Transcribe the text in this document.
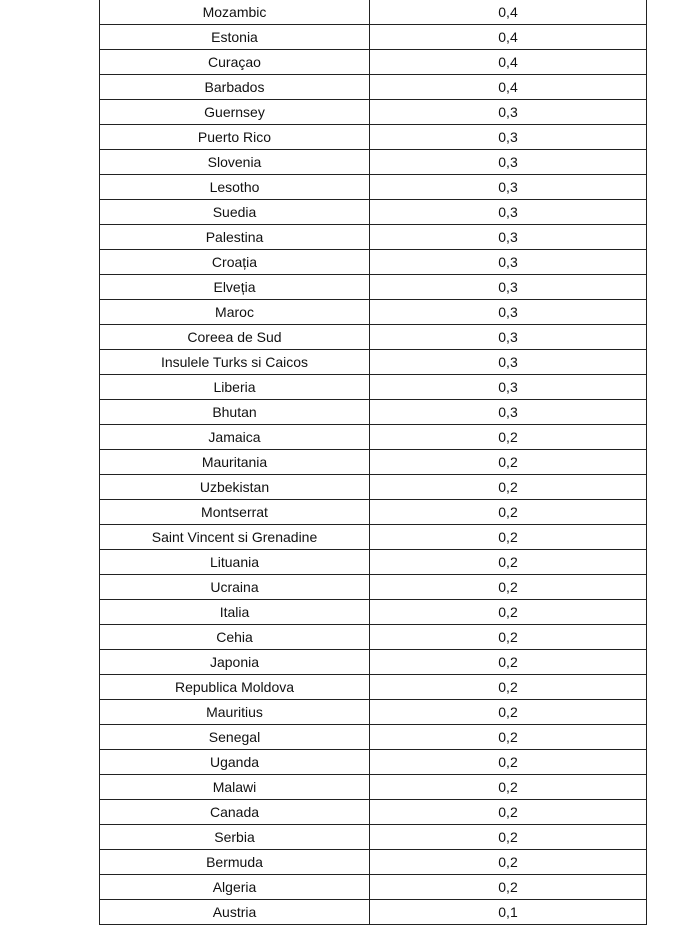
Mozambic	0,4
Estonia	0,4
Curaçao	0,4
Barbados	0,4
Guernsey	0,3
Puerto Rico	0,3
Slovenia	0,3
Lesotho	0,3
Suedia	0,3
Palestina	0,3
Croația	0,3
Elveția	0,3
Maroc	0,3
Coreea de Sud	0,3
Insulele Turks si Caicos	0,3
Liberia	0,3
Bhutan	0,3
Jamaica	0,2
Mauritania	0,2
Uzbekistan	0,2
Montserrat	0,2
Saint Vincent si Grenadine	0,2
Lituania	0,2
Ucraina	0,2
Italia	0,2
Cehia	0,2
Japonia	0,2
Republica Moldova	0,2
Mauritius	0,2
Senegal	0,2
Uganda	0,2
Malawi	0,2
Canada	0,2
Serbia	0,2
Bermuda	0,2
Algeria	0,2
Austria	0,1
